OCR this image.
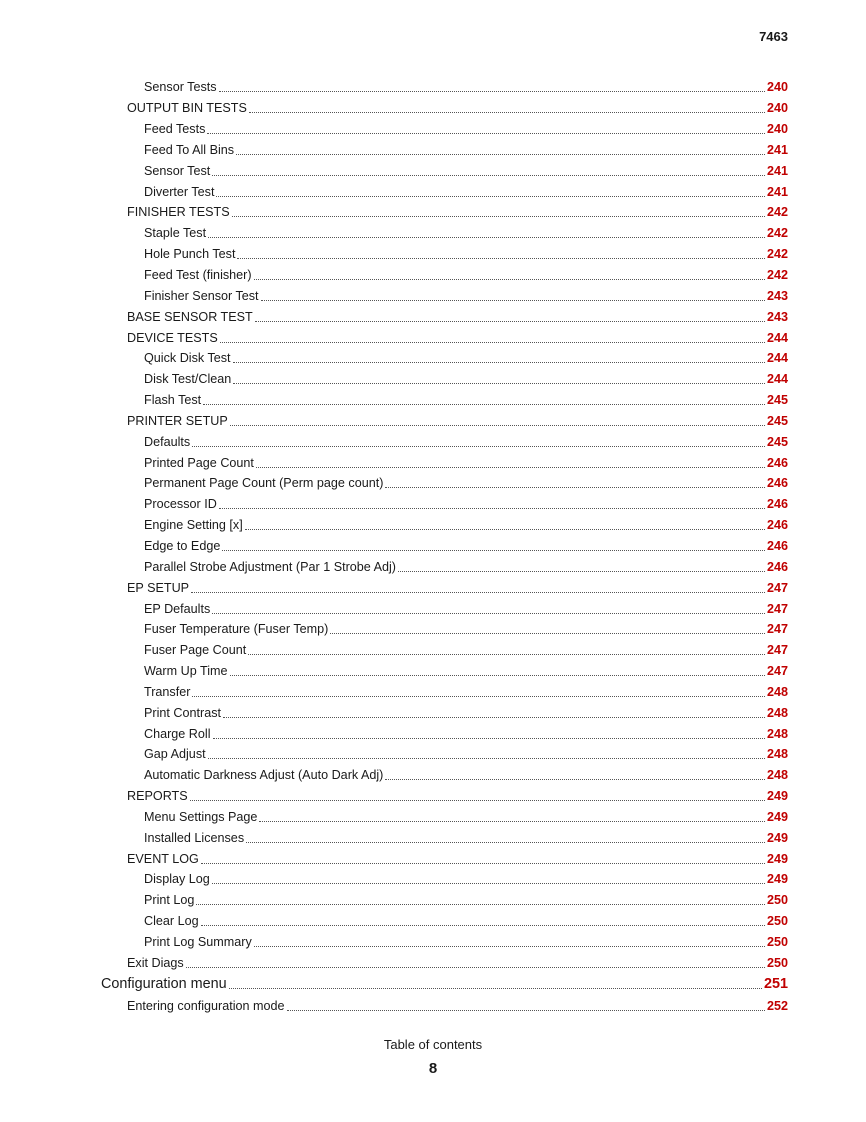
7463
Sensor Tests	240
OUTPUT BIN TESTS	240
Feed Tests	240
Feed To All Bins	241
Sensor Test	241
Diverter Test	241
FINISHER TESTS	242
Staple Test	242
Hole Punch Test	242
Feed Test (finisher)	242
Finisher Sensor Test	243
BASE SENSOR TEST	243
DEVICE TESTS	244
Quick Disk Test	244
Disk Test/Clean	244
Flash Test	245
PRINTER SETUP	245
Defaults	245
Printed Page Count	246
Permanent Page Count (Perm page count)	246
Processor ID	246
Engine Setting [x]	246
Edge to Edge	246
Parallel Strobe Adjustment (Par 1 Strobe Adj)	246
EP SETUP	247
EP Defaults	247
Fuser Temperature (Fuser Temp)	247
Fuser Page Count	247
Warm Up Time	247
Transfer	248
Print Contrast	248
Charge Roll	248
Gap Adjust	248
Automatic Darkness Adjust (Auto Dark Adj)	248
REPORTS	249
Menu Settings Page	249
Installed Licenses	249
EVENT LOG	249
Display Log	249
Print Log	250
Clear Log	250
Print Log Summary	250
Exit Diags	250
Configuration menu	251
Entering configuration mode	252
Table of contents
8
